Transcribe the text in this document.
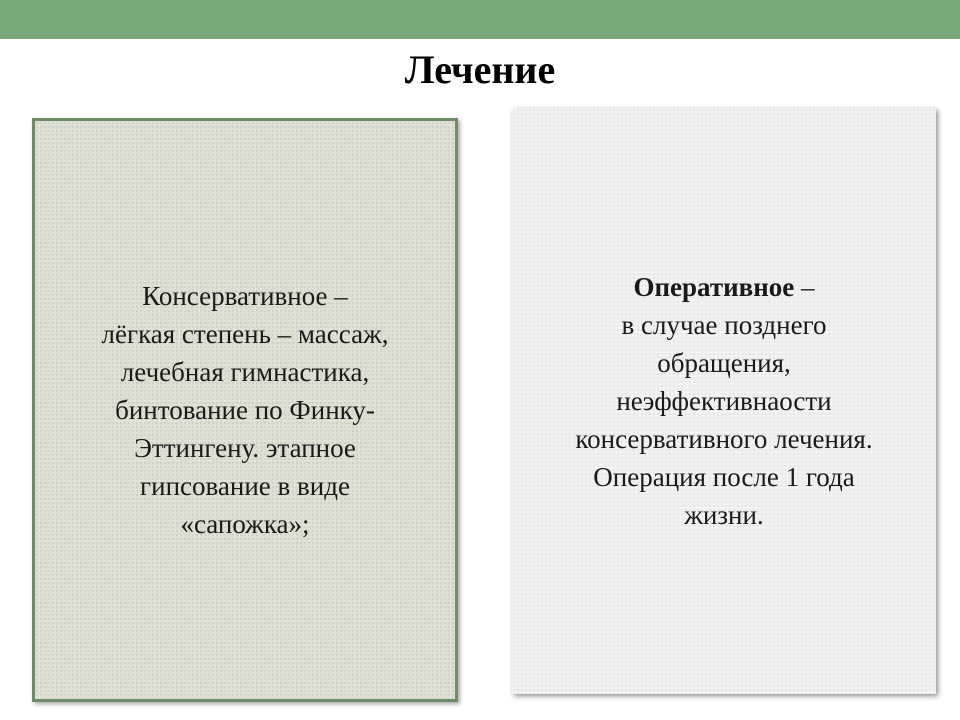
Лечение
Консервативное –
лёгкая степень – массаж,
лечебная гимнастика,
бинтование по Финку-
Эттингену. этапное
гипсование в виде
«сапожка»;
Оперативное –
в случае позднего
обращения,
неэффективнаости
консервативного лечения.
Операция после 1 года
жизни.
